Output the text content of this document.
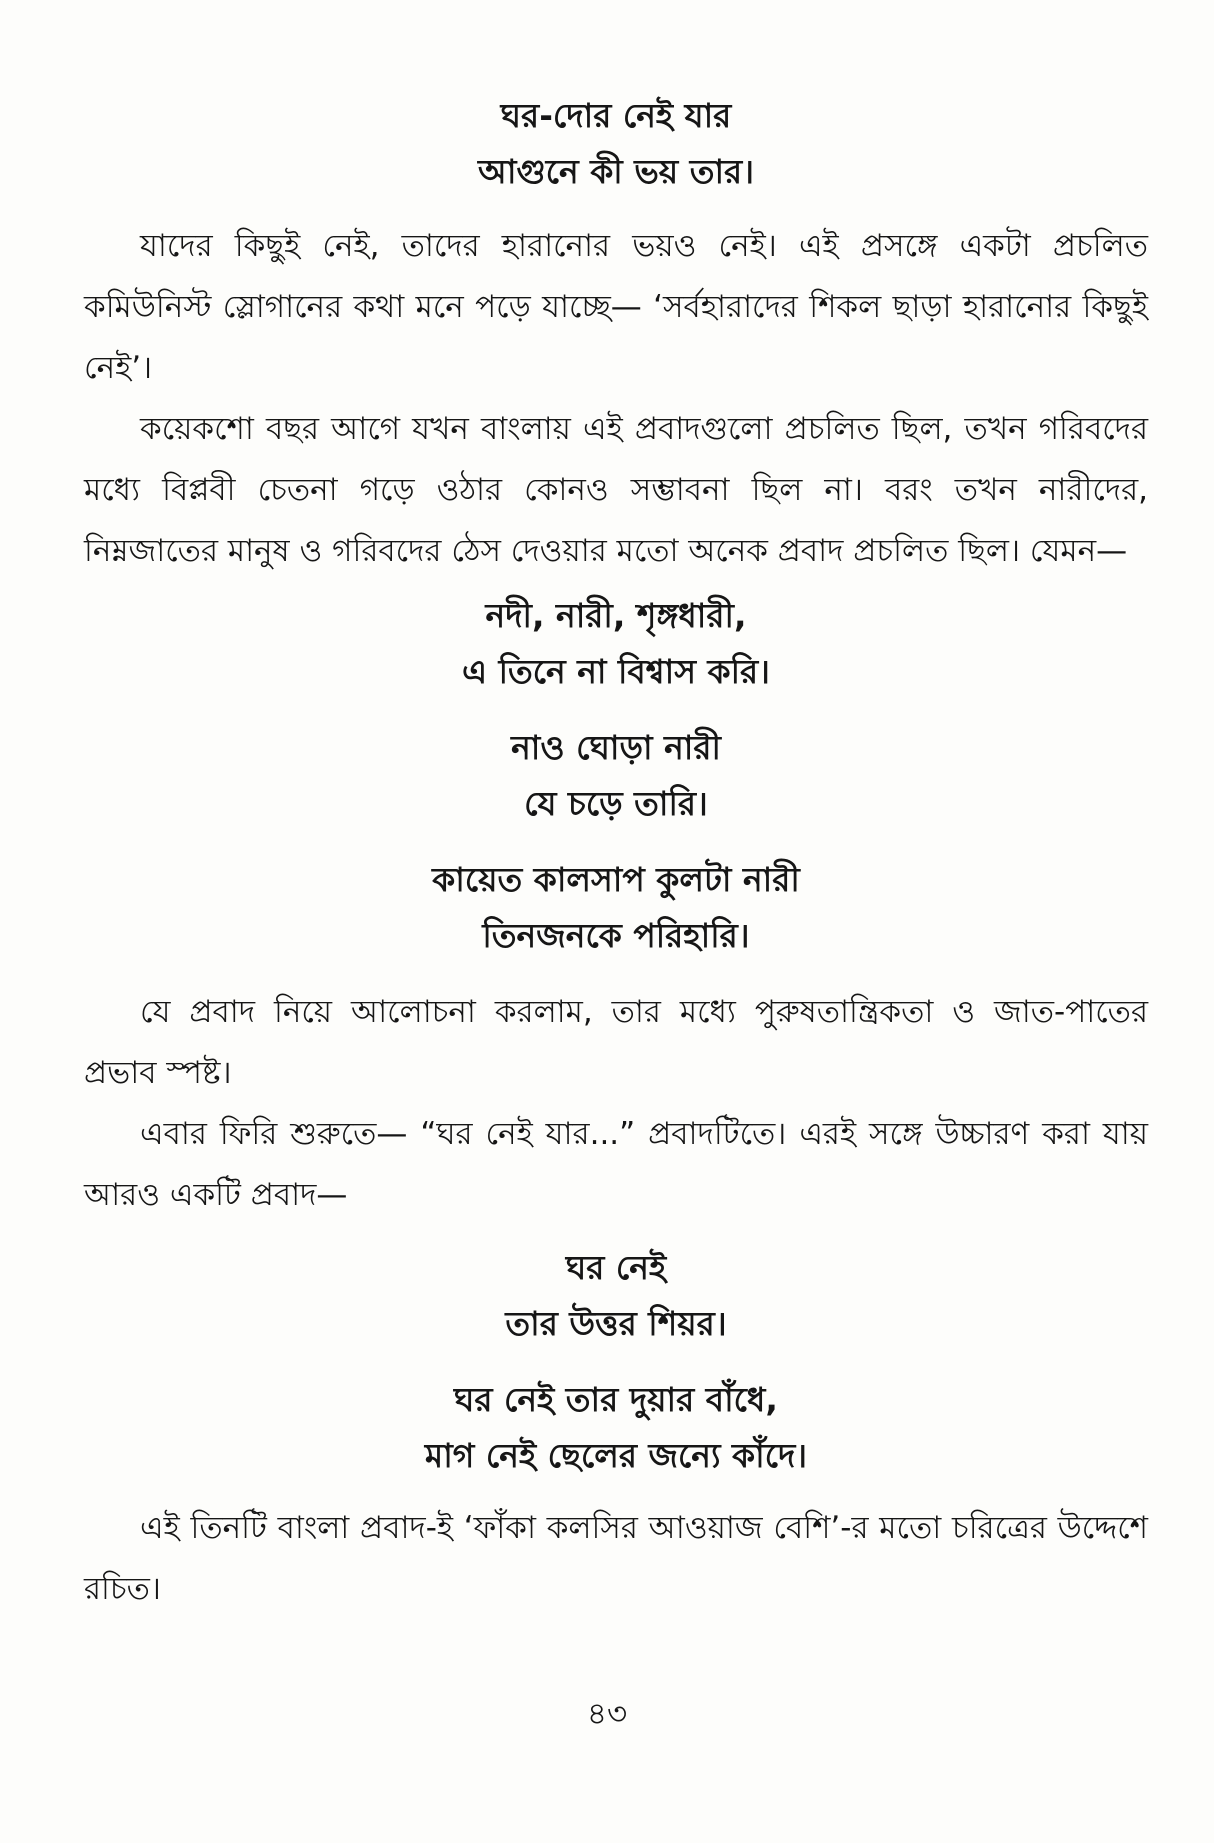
ঘর-দোর নেই যার
আগুনে কী ভয় তার।

যাদের কিছুই নেই, তাদের হারানোর ভয়ও নেই। এই প্রসঙ্গে একটা প্রচলিত কমিউনিস্ট স্লোগানের কথা মনে পড়ে যাচ্ছে— ‘সর্বহারাদের শিকল ছাড়া হারানোর কিছুই নেই’।

কয়েকশো বছর আগে যখন বাংলায় এই প্রবাদগুলো প্রচলিত ছিল, তখন গরিবদের মধ্যে বিপ্লবী চেতনা গড়ে ওঠার কোনও সম্ভাবনা ছিল না। বরং তখন নারীদের, নিম্নজাতের মানুষ ও গরিবদের ঠেস দেওয়ার মতো অনেক প্রবাদ প্রচলিত ছিল। যেমন—

নদী, নারী, শৃঙ্গধারী,
এ তিনে না বিশ্বাস করি।
নাও ঘোড়া নারী
যে চড়ে তারি।
কায়েত কালসাপ কুলটা নারী
তিনজনকে পরিহারি।

যে প্রবাদ নিয়ে আলোচনা করলাম, তার মধ্যে পুরুষতান্ত্রিকতা ও জাত-পাতের প্রভাব স্পষ্ট।

এবার ফিরি শুরুতে— “ঘর নেই যার...” প্রবাদটিতে। এরই সঙ্গে উচ্চারণ করা যায় আরও একটি প্রবাদ—

ঘর নেই
তার উত্তর শিয়র।
ঘর নেই তার দুয়ার বাঁধে,
মাগ নেই ছেলের জন্যে কাঁদে।

এই তিনটি বাংলা প্রবাদ-ই ‘ফাঁকা কলসির আওয়াজ বেশি’-র মতো চরিত্রের উদ্দেশে রচিত।

৪৩
